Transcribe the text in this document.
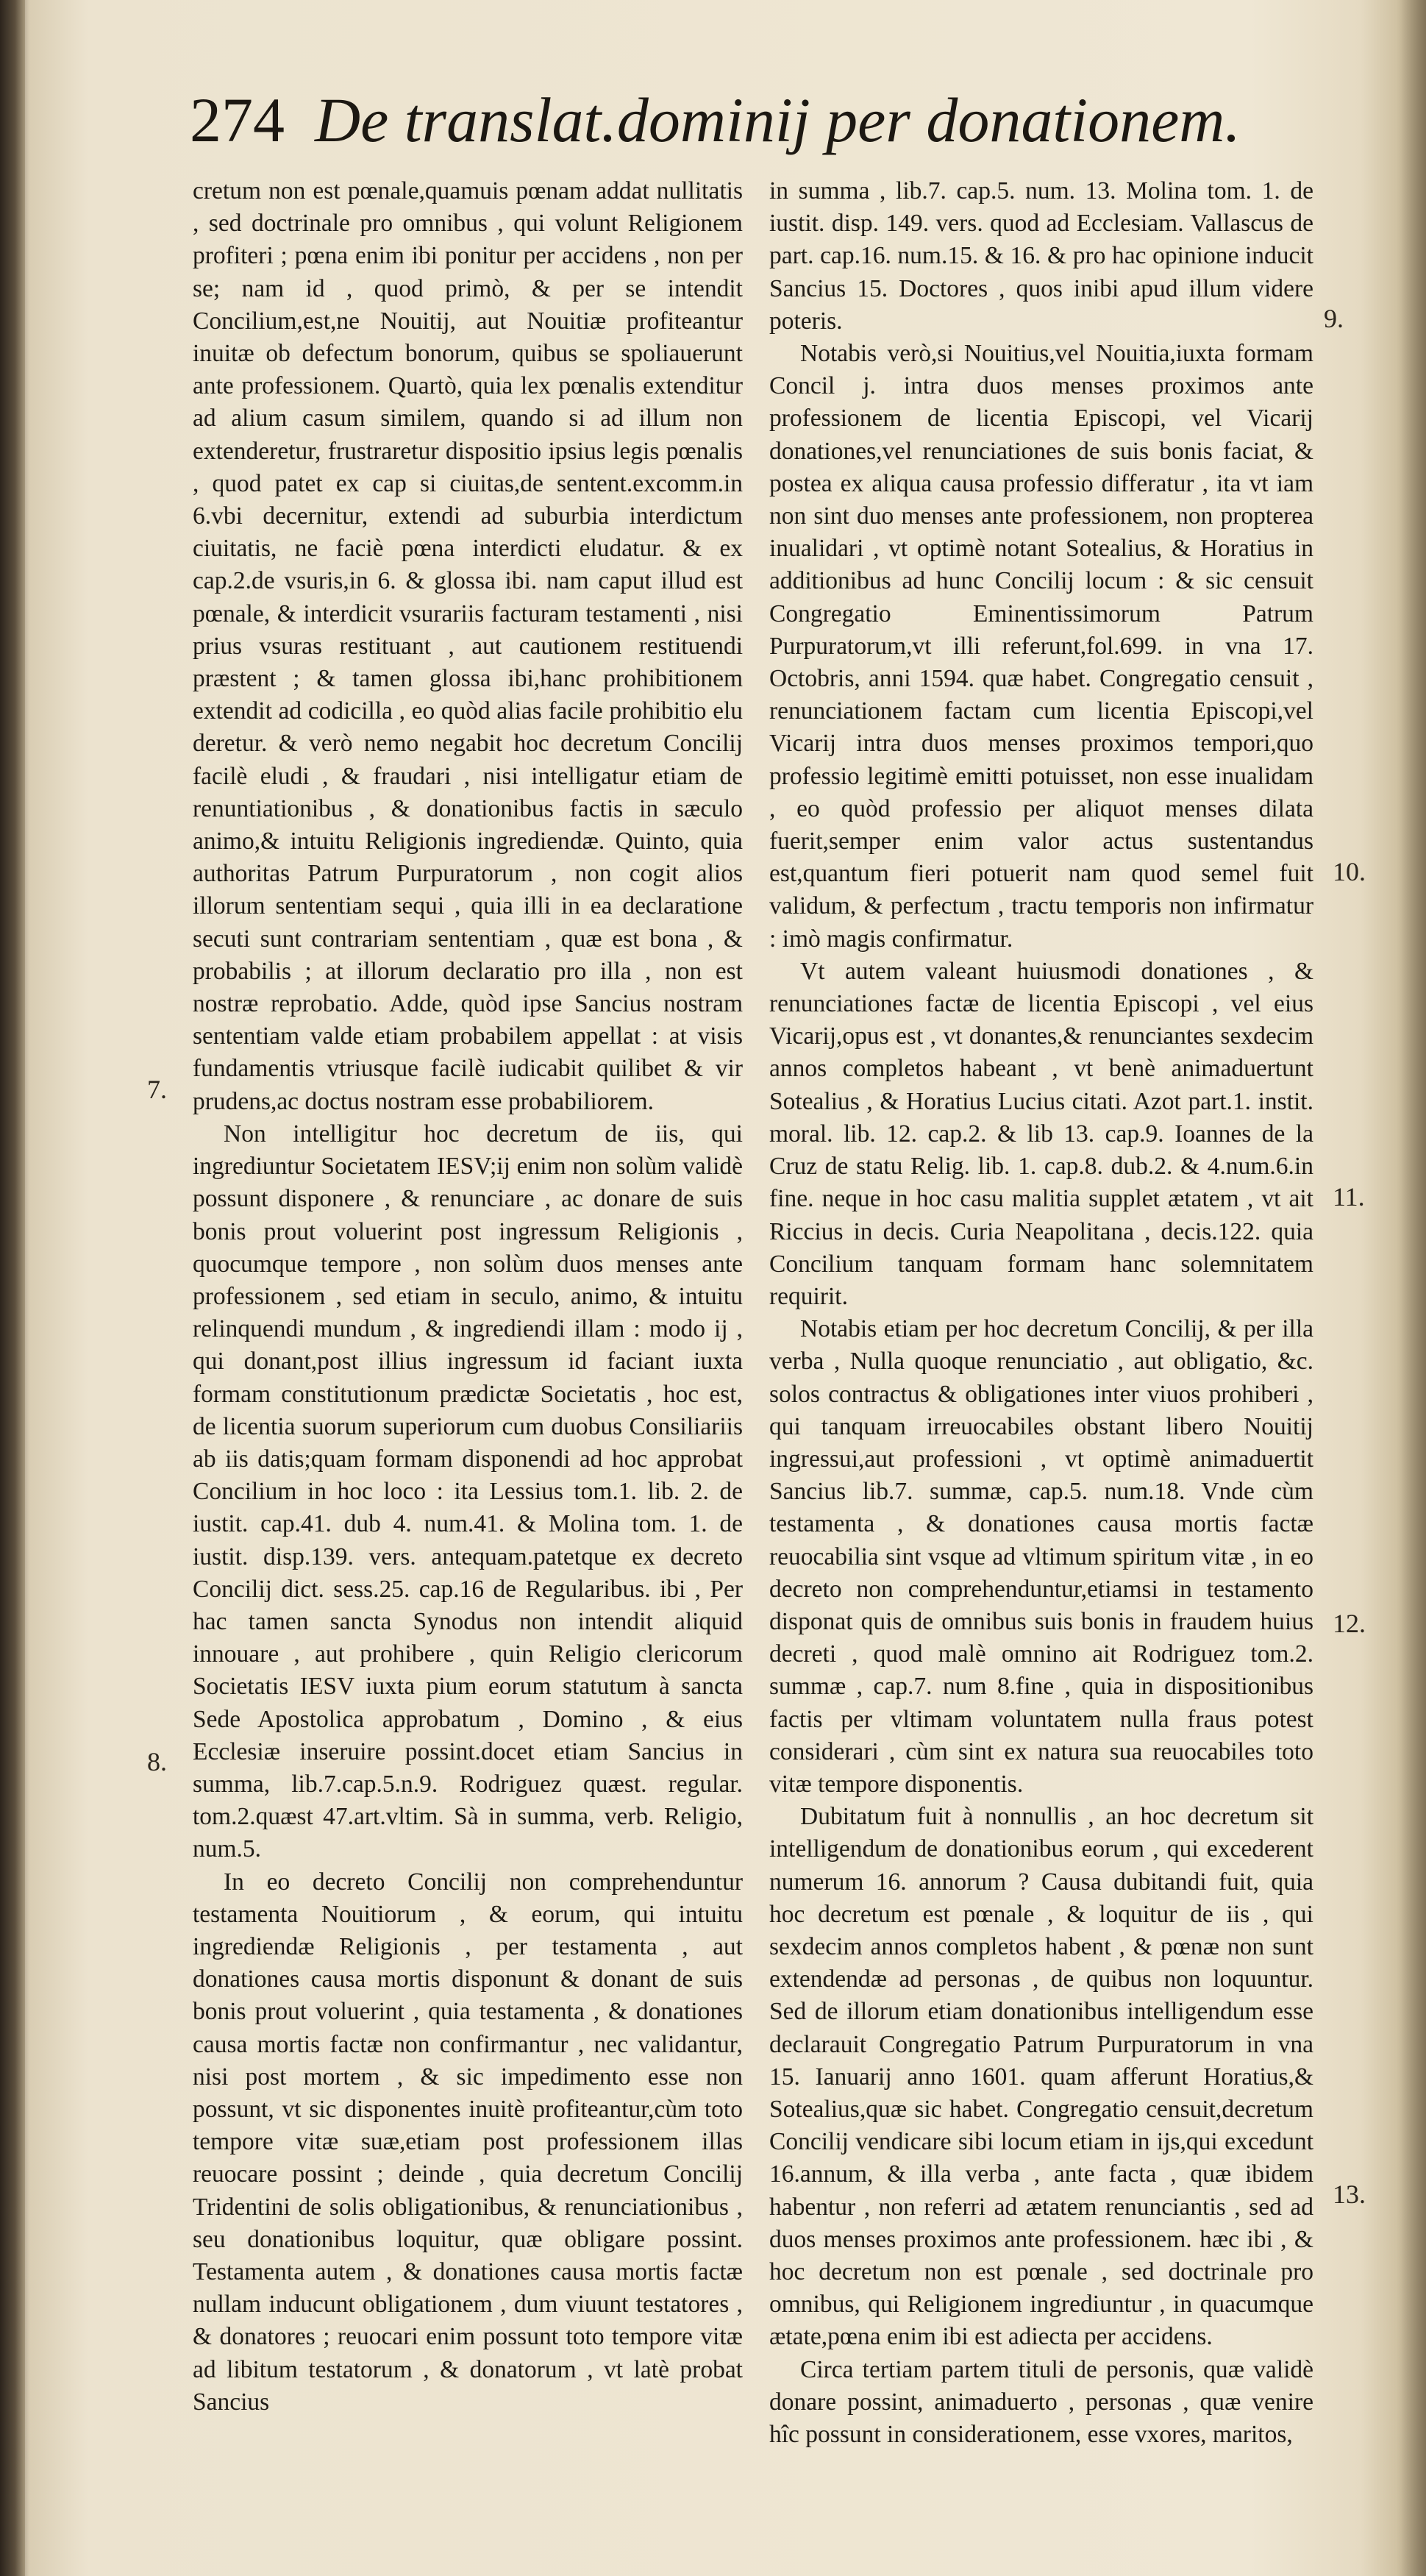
274 De translat.dominij per donationem.

cretum non est pœnale,quamuis pœnam addat nullitatis , sed doctrinale pro omnibus , qui volunt Religionem profiteri ; pœna enim ibi ponitur per accidens , non per se; nam id , quod primò, & per se intendit Concilium,est,ne Nouitij, aut Nouitiæ profiteantur inuitæ ob defectum bonorum, quibus se spoliauerunt ante professionem. Quartò, quia lex pœnalis extenditur ad alium casum similem, quando si ad illum non extenderetur, frustraretur dispositio ipsius legis pœnalis , quod patet ex cap si ciuitas,de sentent.excomm.in 6.vbi decernitur, extendi ad suburbia interdictum ciuitatis, ne faciè pœna interdicti eludatur. & ex cap.2.de vsuris,in 6. & glossa ibi. nam caput illud est pœnale, & interdicit vsurariis facturam testamenti , nisi prius vsuras restituant , aut cautionem restituendi præstent ; & tamen glossa ibi,hanc prohibitionem extendit ad codicilla , eo quòd alias facile prohibitio elu deretur. & verò nemo negabit hoc decretum Concilij facilè eludi , & fraudari , nisi intelligatur etiam de renuntiationibus , & donationibus factis in sæculo animo,& intuitu Religionis ingrediendæ. Quinto, quia authoritas Patrum Purpuratorum , non cogit alios illorum sententiam sequi , quia illi in ea declaratione secuti sunt contrariam sententiam , quæ est bona , & probabilis ; at illorum declaratio pro illa , non est nostræ reprobatio. Adde, quòd ipse Sancius nostram sententiam valde etiam probabilem appellat : at visis fundamentis vtriusque facilè iudicabit quilibet & vir prudens,ac doctus nostram esse probabiliorem.

Non intelligitur hoc decretum de iis, qui ingrediuntur Societatem IESV;ij enim non solùm validè possunt disponere , & renunciare , ac donare de suis bonis prout voluerint post ingressum Religionis , quocumque tempore , non solùm duos menses ante professionem , sed etiam in seculo, animo, & intuitu relinquendi mundum , & ingrediendi illam : modo ij , qui donant,post illius ingressum id faciant iuxta formam constitutionum prædictæ Societatis , hoc est, de licentia suorum superiorum cum duobus Consiliariis ab iis datis;quam formam disponendi ad hoc approbat Concilium in hoc loco : ita Lessius tom.1. lib. 2. de iustit. cap.41. dub 4. num.41. & Molina tom. 1. de iustit. disp.139. vers. antequam.patetque ex decreto Concilij dict. sess.25. cap.16 de Regularibus. ibi , Per hac tamen sancta Synodus non intendit aliquid innouare , aut prohibere , quin Religio clericorum Societatis IESV iuxta pium eorum statutum à sancta Sede Apostolica approbatum , Domino , & eius Ecclesiæ inseruire possint.docet etiam Sancius in summa, lib.7.cap.5.n.9. Rodriguez quæst. regular. tom.2.quæst 47.art.vltim. Sà in summa, verb. Religio, num.5.

In eo decreto Concilij non comprehenduntur testamenta Nouitiorum , & eorum, qui intuitu ingrediendæ Religionis , per testamenta , aut donationes causa mortis disponunt & donant de suis bonis prout voluerint , quia testamenta , & donationes causa mortis factæ non confirmantur , nec validantur, nisi post mortem , & sic impedimento esse non possunt, vt sic disponentes inuitè profiteantur,cùm toto tempore vitæ suæ,etiam post professionem illas reuocare possint ; deinde , quia decretum Concilij Tridentini de solis obligationibus, & renunciationibus , seu donationibus loquitur, quæ obligare possint. Testamenta autem , & donationes causa mortis factæ nullam inducunt obligationem , dum viuunt testatores , & donatores ; reuocari enim possunt toto tempore vitæ ad libitum testatorum , & donatorum , vt latè probat Sancius

in summa , lib.7. cap.5. num. 13. Molina tom. 1. de iustit. disp. 149. vers. quod ad Ecclesiam. Vallascus de part. cap.16. num.15. & 16. & pro hac opinione inducit Sancius 15. Doctores , quos inibi apud illum videre poteris.

Notabis verò,si Nouitius,vel Nouitia,iuxta formam Concil j. intra duos menses proximos ante professionem de licentia Episcopi, vel Vicarij donationes,vel renunciationes de suis bonis faciat, & postea ex aliqua causa professio differatur , ita vt iam non sint duo menses ante professionem, non propterea inualidari , vt optimè notant Sotealius, & Horatius in additionibus ad hunc Concilij locum : & sic censuit Congregatio Eminentissimorum Patrum Purpuratorum,vt illi referunt,fol.699. in vna 17. Octobris, anni 1594. quæ habet. Congregatio censuit , renunciationem factam cum licentia Episcopi,vel Vicarij intra duos menses proximos tempori,quo professio legitimè emitti potuisset, non esse inualidam , eo quòd professio per aliquot menses dilata fuerit,semper enim valor actus sustentandus est,quantum fieri potuerit nam quod semel fuit validum, & perfectum , tractu temporis non infirmatur : imò magis confirmatur.

Vt autem valeant huiusmodi donationes , & renunciationes factæ de licentia Episcopi , vel eius Vicarij,opus est , vt donantes,& renunciantes sexdecim annos completos habeant , vt benè animaduertunt Sotealius , & Horatius Lucius citati. Azot part.1. instit. moral. lib. 12. cap.2. & lib 13. cap.9. Ioannes de la Cruz de statu Relig. lib. 1. cap.8. dub.2. & 4.num.6.in fine. neque in hoc casu malitia supplet ætatem , vt ait Riccius in decis. Curia Neapolitana , decis.122. quia Concilium tanquam formam hanc solemnitatem requirit.

Notabis etiam per hoc decretum Concilij, & per illa verba , Nulla quoque renunciatio , aut obligatio, &c. solos contractus & obligationes inter viuos prohiberi , qui tanquam irreuocabiles obstant libero Nouitij ingressui,aut professioni , vt optimè animaduertit Sancius lib.7. summæ, cap.5. num.18. Vnde cùm testamenta , & donationes causa mortis factæ reuocabilia sint vsque ad vltimum spiritum vitæ , in eo decreto non comprehenduntur,etiamsi in testamento disponat quis de omnibus suis bonis in fraudem huius decreti , quod malè omnino ait Rodriguez tom.2. summæ , cap.7. num 8.fine , quia in dispositionibus factis per vltimam voluntatem nulla fraus potest considerari , cùm sint ex natura sua reuocabiles toto vitæ tempore disponentis.

Dubitatum fuit à nonnullis , an hoc decretum sit intelligendum de donationibus eorum , qui excederent numerum 16. annorum ? Causa dubitandi fuit, quia hoc decretum est pœnale , & loquitur de iis , qui sexdecim annos completos habent , & pœnæ non sunt extendendæ ad personas , de quibus non loquuntur. Sed de illorum etiam donationibus intelligendum esse declarauit Congregatio Patrum Purpuratorum in vna 15. Ianuarij anno 1601. quam afferunt Horatius,& Sotealius,quæ sic habet. Congregatio censuit,decretum Concilij vendicare sibi locum etiam in ijs,qui excedunt 16.annum, & illa verba , ante facta , quæ ibidem habentur , non referri ad ætatem renunciantis , sed ad duos menses proximos ante professionem. hæc ibi , & hoc decretum non est pœnale , sed doctrinale pro omnibus, qui Religionem ingrediuntur , in quacumque ætate,pœna enim ibi est adiecta per accidens.

Circa tertiam partem tituli de personis, quæ validè donare possint, animaduerto , personas , quæ venire hîc possunt in considerationem, esse vxores, maritos,

9.
10.
11.
12.
13.
7.
8.
